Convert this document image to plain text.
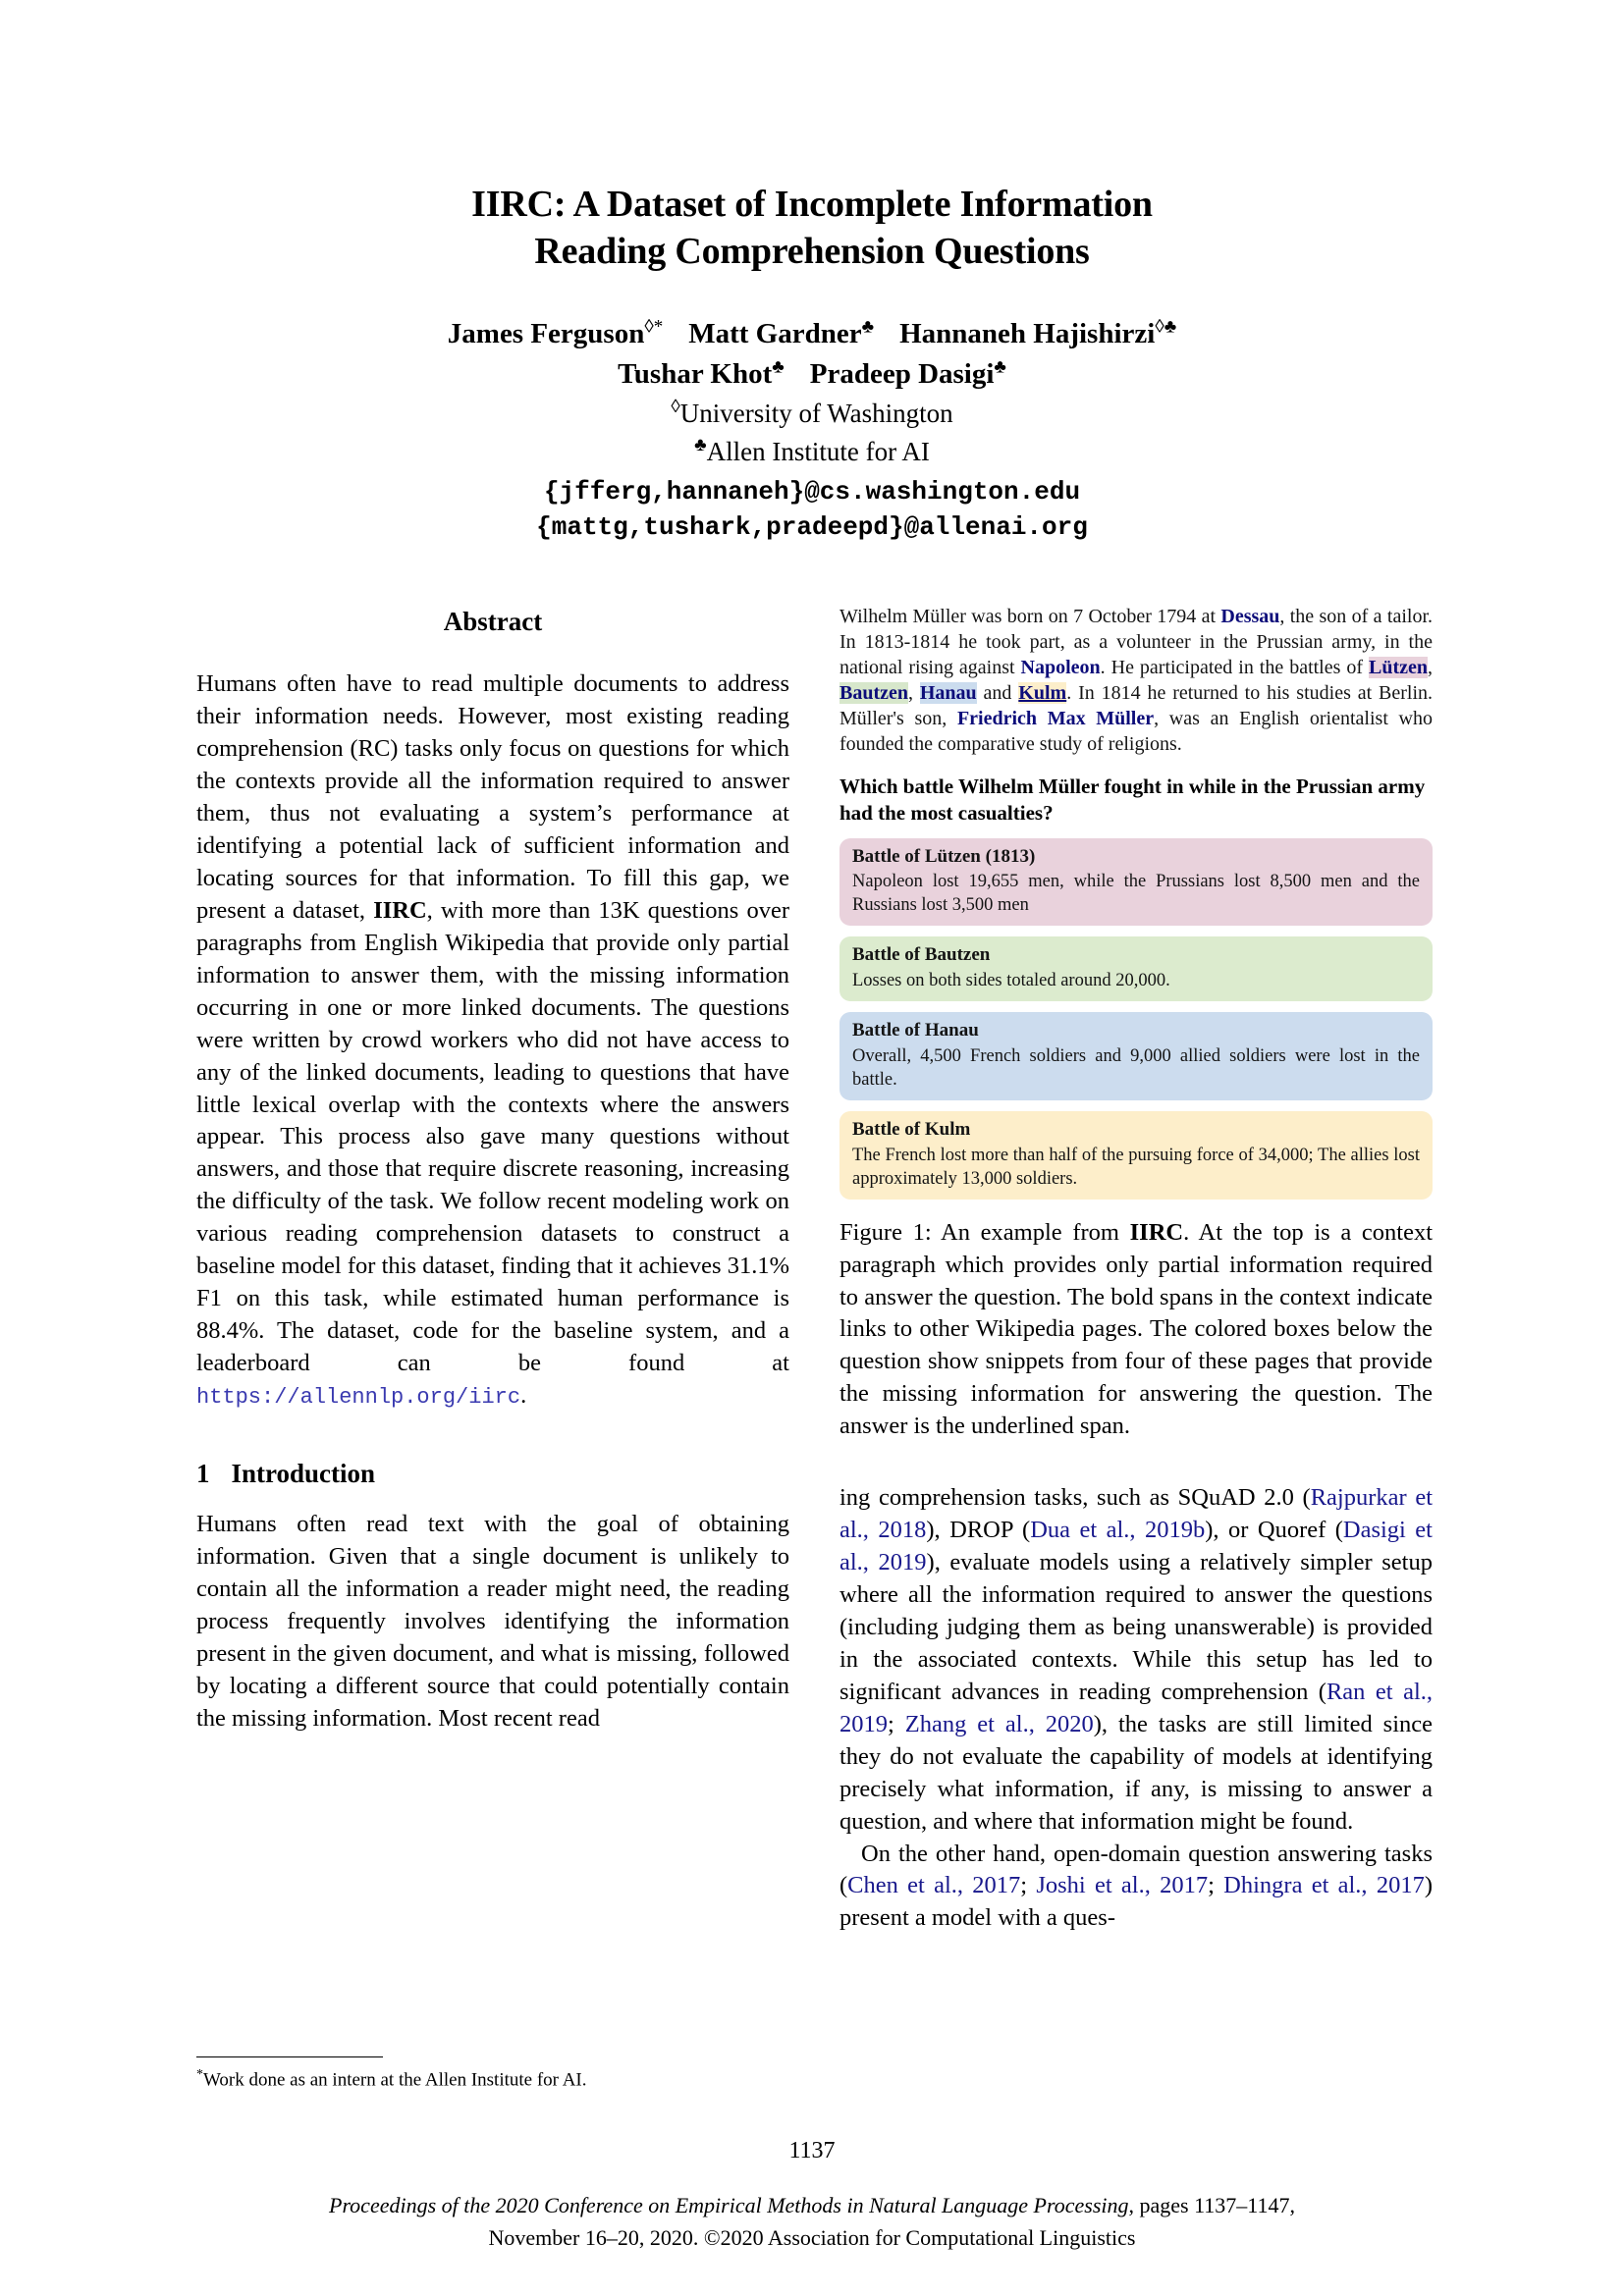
IIRC: A Dataset of Incomplete Information
Reading Comprehension Questions
James Ferguson◊* Matt Gardner♣ Hannaneh Hajishirzi◊♣
Tushar Khot♣ Pradeep Dasigi♣
◊University of Washington
♣Allen Institute for AI
{jfferg,hannaneh}@cs.washington.edu
{mattg,tushark,pradeepd}@allenai.org
Abstract
Humans often have to read multiple documents to address their information needs. However, most existing reading comprehension (RC) tasks only focus on questions for which the contexts provide all the information required to answer them, thus not evaluating a system’s performance at identifying a potential lack of sufficient information and locating sources for that information. To fill this gap, we present a dataset, IIRC, with more than 13K questions over paragraphs from English Wikipedia that provide only partial information to answer them, with the missing information occurring in one or more linked documents. The questions were written by crowd workers who did not have access to any of the linked documents, leading to questions that have little lexical overlap with the contexts where the answers appear. This process also gave many questions without answers, and those that require discrete reasoning, increasing the difficulty of the task. We follow recent modeling work on various reading comprehension datasets to construct a baseline model for this dataset, finding that it achieves 31.1% F1 on this task, while estimated human performance is 88.4%. The dataset, code for the baseline system, and a leaderboard can be found at https://allennlp.org/iirc.
1 Introduction
Humans often read text with the goal of obtaining information. Given that a single document is unlikely to contain all the information a reader might need, the reading process frequently involves identifying the information present in the given document, and what is missing, followed by locating a different source that could potentially contain the missing information. Most recent read
Wilhelm Müller was born on 7 October 1794 at Dessau, the son of a tailor. In 1813-1814 he took part, as a volunteer in the Prussian army, in the national rising against Napoleon. He participated in the battles of Lützen, Bautzen, Hanau and Kulm. In 1814 he returned to his studies at Berlin. Müller's son, Friedrich Max Müller, was an English orientalist who founded the comparative study of religions.
Which battle Wilhelm Müller fought in while in the Prussian army had the most casualties?
Battle of Lützen (1813)
Napoleon lost 19,655 men, while the Prussians lost 8,500 men and the Russians lost 3,500 men
Battle of Bautzen
Losses on both sides totaled around 20,000.
Battle of Hanau
Overall, 4,500 French soldiers and 9,000 allied soldiers were lost in the battle.
Battle of Kulm
The French lost more than half of the pursuing force of 34,000; The allies lost approximately 13,000 soldiers.
Figure 1: An example from IIRC. At the top is a context paragraph which provides only partial information required to answer the question. The bold spans in the context indicate links to other Wikipedia pages. The colored boxes below the question show snippets from four of these pages that provide the missing information for answering the question. The answer is the underlined span.
ing comprehension tasks, such as SQuAD 2.0 (Rajpurkar et al., 2018), DROP (Dua et al., 2019b), or Quoref (Dasigi et al., 2019), evaluate models using a relatively simpler setup where all the information required to answer the questions (including judging them as being unanswerable) is provided in the associated contexts. While this setup has led to significant advances in reading comprehension (Ran et al., 2019; Zhang et al., 2020), the tasks are still limited since they do not evaluate the capability of models at identifying precisely what information, if any, is missing to answer a question, and where that information might be found.
On the other hand, open-domain question answering tasks (Chen et al., 2017; Joshi et al., 2017; Dhingra et al., 2017) present a model with a ques-
*Work done as an intern at the Allen Institute for AI.
1137
Proceedings of the 2020 Conference on Empirical Methods in Natural Language Processing, pages 1137–1147,
November 16–20, 2020. ©2020 Association for Computational Linguistics
